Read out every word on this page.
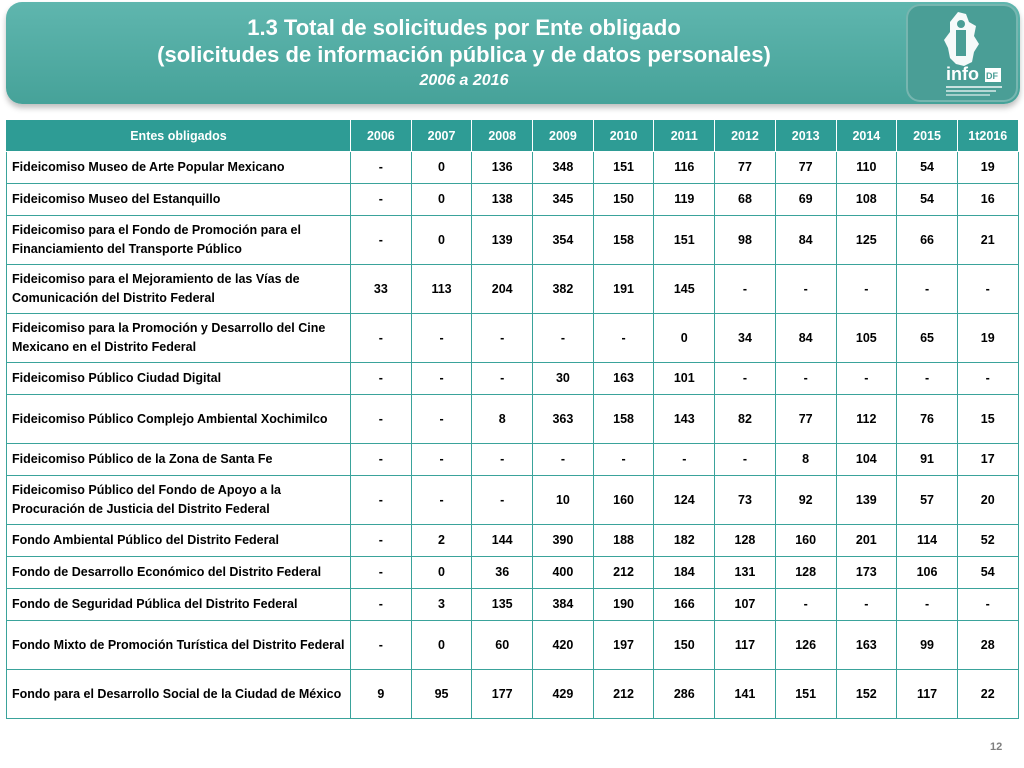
1.3 Total de solicitudes por Ente obligado
(solicitudes de información pública y de datos personales)
2006 a 2016	info DF
Entes obligados	2006	2007	2008	2009	2010	2011	2012	2013	2014	2015	1t2016
Fideicomiso Museo de Arte Popular Mexicano	-	0	136	348	151	116	77	77	110	54	19
Fideicomiso Museo del Estanquillo	-	0	138	345	150	119	68	69	108	54	16
Fideicomiso para el Fondo de Promoción para el Financiamiento del Transporte Público	-	0	139	354	158	151	98	84	125	66	21
Fideicomiso para el Mejoramiento de las Vías de Comunicación del Distrito Federal	33	113	204	382	191	145	-	-	-	-	-
Fideicomiso para la Promoción y Desarrollo del Cine Mexicano en el Distrito Federal	-	-	-	-	-	0	34	84	105	65	19
Fideicomiso Público Ciudad Digital	-	-	-	30	163	101	-	-	-	-	-
Fideicomiso Público Complejo Ambiental Xochimilco	-	-	8	363	158	143	82	77	112	76	15
Fideicomiso Público de la Zona de Santa Fe	-	-	-	-	-	-	-	8	104	91	17
Fideicomiso Público del Fondo de Apoyo a la Procuración de Justicia del Distrito Federal	-	-	-	10	160	124	73	92	139	57	20
Fondo Ambiental Público del Distrito Federal	-	2	144	390	188	182	128	160	201	114	52
Fondo de Desarrollo Económico del Distrito Federal	-	0	36	400	212	184	131	128	173	106	54
Fondo de Seguridad Pública del Distrito Federal	-	3	135	384	190	166	107	-	-	-	-
Fondo Mixto de Promoción Turística del Distrito Federal	-	0	60	420	197	150	117	126	163	99	28
Fondo para el Desarrollo Social de la Ciudad de México	9	95	177	429	212	286	141	151	152	117	22
12
